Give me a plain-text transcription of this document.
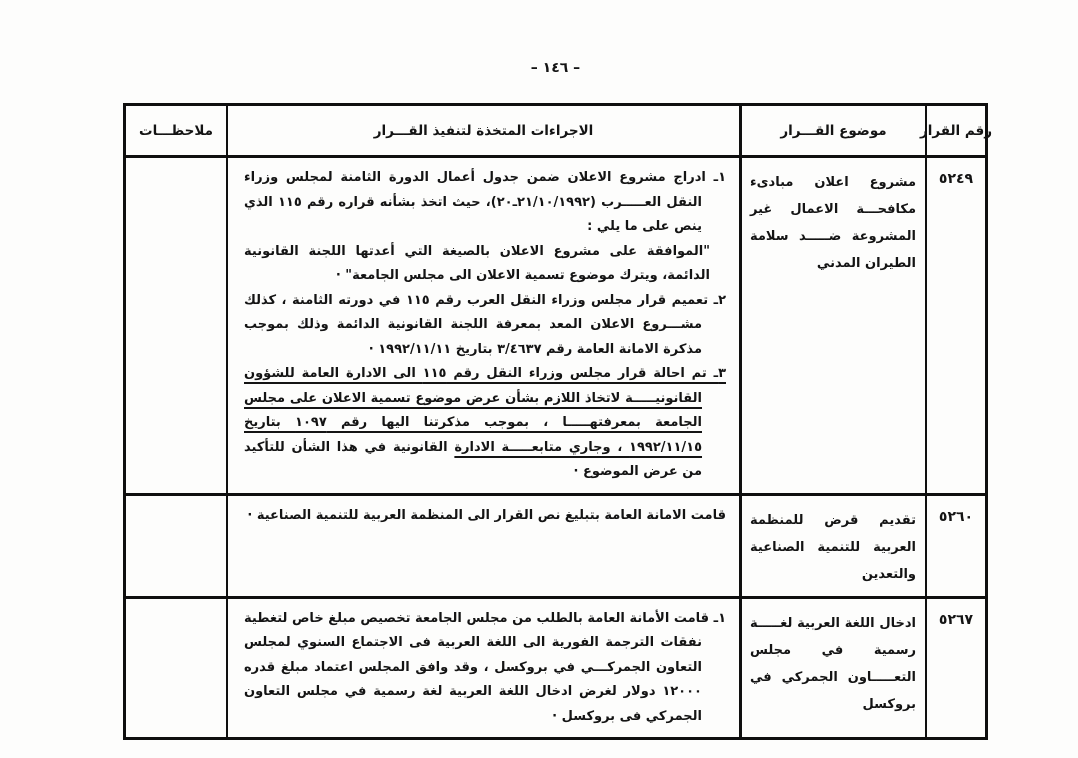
– ١٤٦ –
رقم القرار
موضوع القـــرار
الاجراءات المتخذة لتنفيذ القـــرار
ملاحظـــات
٥٢٤٩
مشروع اعلان مبادىء مكافحـــة الاعمال غير المشروعة ضـــــد سلامة الطيران المدني

١ـ ادراج مشروع الاعلان ضمن جدول أعمال الدورة الثامنة لمجلس وزراء النقل العـــــرب (٢١/١٠/١٩٩٢ـ٢٠)، حيث اتخذ بشأنه قراره رقم ١١٥ الذي ينص على ما يلي :

"الموافقة على مشروع الاعلان بالصيغة التي أعدتها اللجنة القانونية الدائمة، ويترك موضوع تسمية الاعلان الى مجلس الجامعة" ·

٢ـ تعميم قرار مجلس وزراء النقل العرب رقم ١١٥ في دورته الثامنة ، كذلك مشـــروع الاعلان المعد بمعرفة اللجنة القانونية الدائمة وذلك بموجب مذكرة الامانة العامة رقم ٣/٤٦٣٧ بتاريخ ١٩٩٢/١١/١١ ·

٣ـ تم احالة قرار مجلس وزراء النقل رقم ١١٥ الى الادارة العامة للشؤون القانونيـــــة لاتخاذ اللازم بشأن عرض موضوع تسمية الاعلان على مجلس الجامعة بمعرفتهـــــا ، بموجب مذكرتنا اليها رقم ١٠٩٧ بتاريخ ١٩٩٢/١١/١٥ ، وجاري متابعـــــة الادارة القانونية في هذا الشأن للتأكيد من عرض الموضوع ·

٥٢٦٠
تقديم قرض للمنظمة العربية للتنمية الصناعية والتعدين

قامت الامانة العامة بتبليغ نص القرار الى المنظمة العربية للتنمية الصناعية ·

٥٢٦٧
ادخال اللغة العربية لغـــــة رسمية في مجلس التعـــــاون الجمركي في بروكسل

١ـ قامت الأمانة العامة بالطلب من مجلس الجامعة تخصيص مبلغ خاص لتغطية نفقات الترجمة الفورية الى اللغة العربية فى الاجتماع السنوي لمجلس التعاون الجمركـــي في بروكسل ، وقد وافق المجلس اعتماد مبلغ قدره ١٢٠٠٠ دولار لغرض ادخال اللغة العربية لغة رسمية في مجلس التعاون الجمركي فى بروكسل ·
